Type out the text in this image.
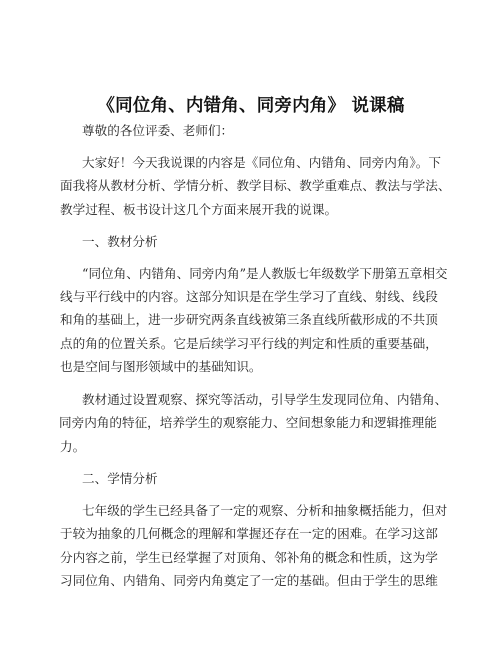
《同位角、内错角、同旁内角》 说课稿
尊敬的各位评委、老师们：
大家好！今天我说课的内容是《同位角、内错角、同旁内角》。下
面我将从教材分析、学情分析、教学目标、教学重难点、教法与学法、
教学过程、板书设计这几个方面来展开我的说课。
一、教材分析
“同位角、内错角、同旁内角”是人教版七年级数学下册第五章相交
线与平行线中的内容。这部分知识是在学生学习了直线、射线、线段
和角的基础上，进一步研究两条直线被第三条直线所截形成的不共顶
点的角的位置关系。它是后续学习平行线的判定和性质的重要基础，
也是空间与图形领域中的基础知识。
教材通过设置观察、探究等活动，引导学生发现同位角、内错角、
同旁内角的特征，培养学生的观察能力、空间想象能力和逻辑推理能
力。
二、学情分析
七年级的学生已经具备了一定的观察、分析和抽象概括能力，但对
于较为抽象的几何概念的理解和掌握还存在一定的困难。在学习这部
分内容之前，学生已经掌握了对顶角、邻补角的概念和性质，这为学
习同位角、内错角、同旁内角奠定了一定的基础。但由于学生的思维
